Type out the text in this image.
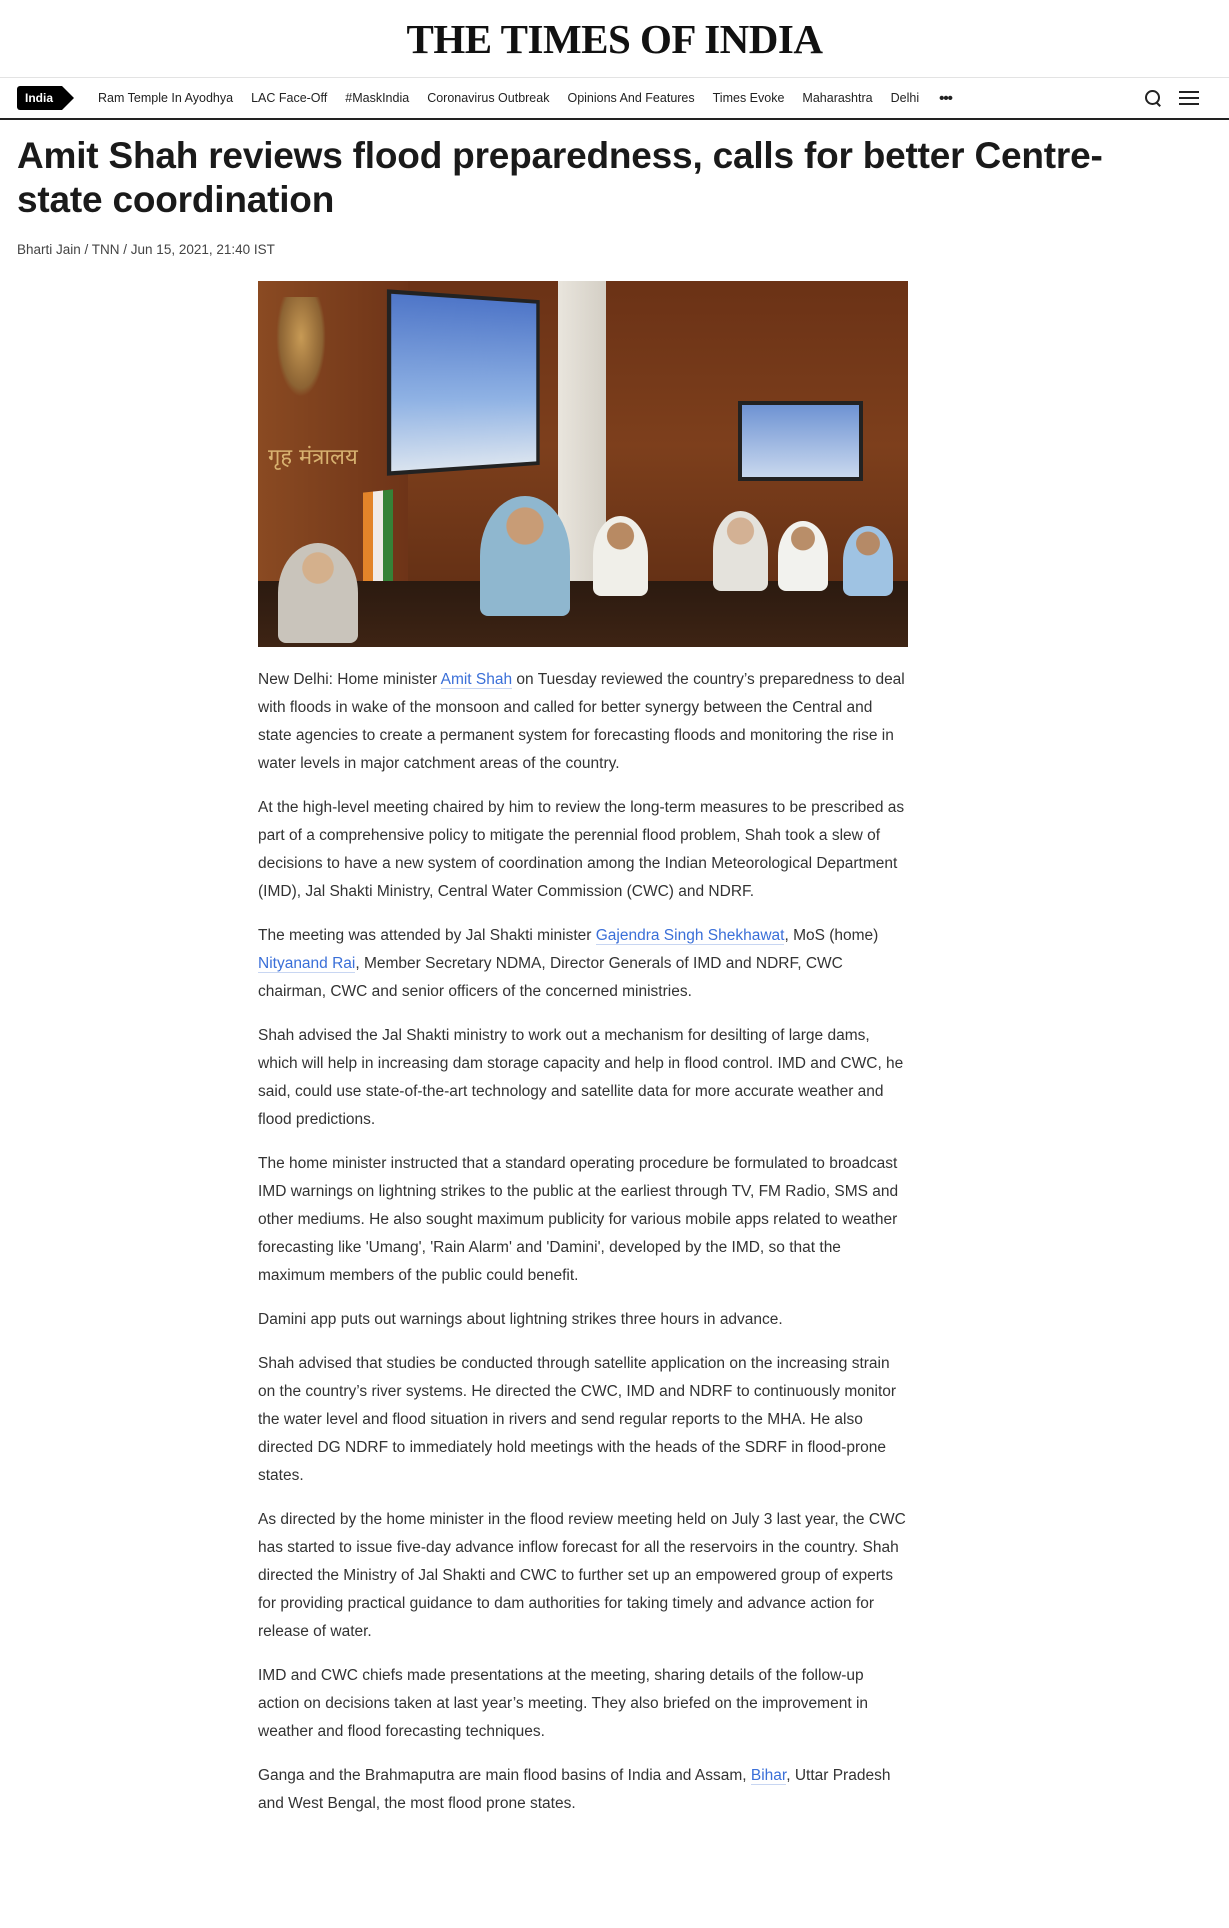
THE TIMES OF INDIA
India	Ram Temple In Ayodhya LAC Face-Off #MaskIndia Coronavirus Outbreak Opinions And Features Times Evoke Maharashtra Delhi •••
Amit Shah reviews flood preparedness, calls for better Centre-state coordination
Bharti Jain / TNN / Jun 15, 2021, 21:40 IST
गृह मंत्रालय

New Delhi: Home minister Amit Shah on Tuesday reviewed the country’s preparedness to deal with floods in wake of the monsoon and called for better synergy between the Central and state agencies to create a permanent system for forecasting floods and monitoring the rise in water levels in major catchment areas of the country.

At the high-level meeting chaired by him to review the long-term measures to be prescribed as part of a comprehensive policy to mitigate the perennial flood problem, Shah took a slew of decisions to have a new system of coordination among the Indian Meteorological Department (IMD), Jal Shakti Ministry, Central Water Commission (CWC) and NDRF.

The meeting was attended by Jal Shakti minister Gajendra Singh Shekhawat, MoS (home) Nityanand Rai, Member Secretary NDMA, Director Generals of IMD and NDRF, CWC chairman, CWC and senior officers of the concerned ministries.

Shah advised the Jal Shakti ministry to work out a mechanism for desilting of large dams, which will help in increasing dam storage capacity and help in flood control. IMD and CWC, he said, could use state-of-the-art technology and satellite data for more accurate weather and flood predictions.

The home minister instructed that a standard operating procedure be formulated to broadcast IMD warnings on lightning strikes to the public at the earliest through TV, FM Radio, SMS and other mediums. He also sought maximum publicity for various mobile apps related to weather forecasting like 'Umang', 'Rain Alarm' and 'Damini', developed by the IMD, so that the maximum members of the public could benefit.

Damini app puts out warnings about lightning strikes three hours in advance.

Shah advised that studies be conducted through satellite application on the increasing strain on the country’s river systems. He directed the CWC, IMD and NDRF to continuously monitor the water level and flood situation in rivers and send regular reports to the MHA. He also directed DG NDRF to immediately hold meetings with the heads of the SDRF in flood-prone states.

As directed by the home minister in the flood review meeting held on July 3 last year, the CWC has started to issue five-day advance inflow forecast for all the reservoirs in the country. Shah directed the Ministry of Jal Shakti and CWC to further set up an empowered group of experts for providing practical guidance to dam authorities for taking timely and advance action for release of water.

IMD and CWC chiefs made presentations at the meeting, sharing details of the follow-up action on decisions taken at last year’s meeting. They also briefed on the improvement in weather and flood forecasting techniques.

Ganga and the Brahmaputra are main flood basins of India and Assam, Bihar, Uttar Pradesh and West Bengal, the most flood prone states.
